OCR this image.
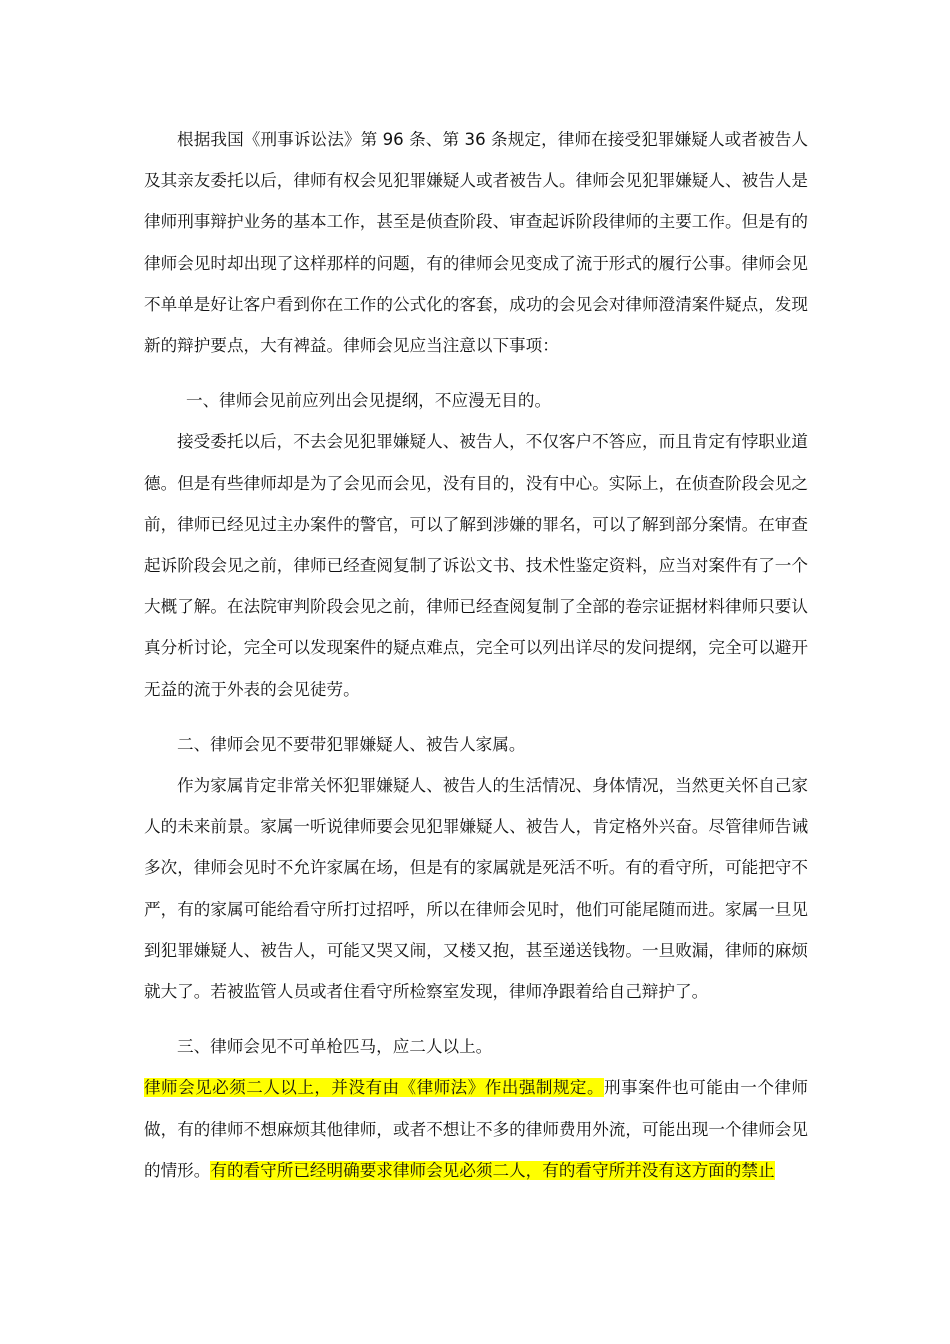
根据我国《刑事诉讼法》第 96 条、第 36 条规定，律师在接受犯罪嫌疑人或者被告人及其亲友委托以后，律师有权会见犯罪嫌疑人或者被告人。律师会见犯罪嫌疑人、被告人是律师刑事辩护业务的基本工作，甚至是侦查阶段、审查起诉阶段律师的主要工作。但是有的律师会见时却出现了这样那样的问题，有的律师会见变成了流于形式的履行公事。律师会见不单单是好让客户看到你在工作的公式化的客套，成功的会见会对律师澄清案件疑点，发现新的辩护要点，大有裨益。律师会见应当注意以下事项：

一、律师会见前应列出会见提纲，不应漫无目的。

接受委托以后，不去会见犯罪嫌疑人、被告人，不仅客户不答应，而且肯定有悖职业道德。但是有些律师却是为了会见而会见，没有目的，没有中心。实际上，在侦查阶段会见之前，律师已经见过主办案件的警官，可以了解到涉嫌的罪名，可以了解到部分案情。在审查起诉阶段会见之前，律师已经查阅复制了诉讼文书、技术性鉴定资料，应当对案件有了一个大概了解。在法院审判阶段会见之前，律师已经查阅复制了全部的卷宗证据材料律师只要认真分析讨论，完全可以发现案件的疑点难点，完全可以列出详尽的发问提纲，完全可以避开无益的流于外表的会见徒劳。

二、律师会见不要带犯罪嫌疑人、被告人家属。

作为家属肯定非常关怀犯罪嫌疑人、被告人的生活情况、身体情况，当然更关怀自己家人的未来前景。家属一听说律师要会见犯罪嫌疑人、被告人，肯定格外兴奋。尽管律师告诫多次，律师会见时不允许家属在场，但是有的家属就是死活不听。有的看守所，可能把守不严，有的家属可能给看守所打过招呼，所以在律师会见时，他们可能尾随而进。家属一旦见到犯罪嫌疑人、被告人，可能又哭又闹，又楼又抱，甚至递送钱物。一旦败漏，律师的麻烦就大了。若被监管人员或者住看守所检察室发现，律师净跟着给自己辩护了。

三、律师会见不可单枪匹马，应二人以上。

律师会见必须二人以上，并没有由《律师法》作出强制规定。刑事案件也可能由一个律师做，有的律师不想麻烦其他律师，或者不想让不多的律师费用外流，可能出现一个律师会见的情形。有的看守所已经明确要求律师会见必须二人，有的看守所并没有这方面的禁止
